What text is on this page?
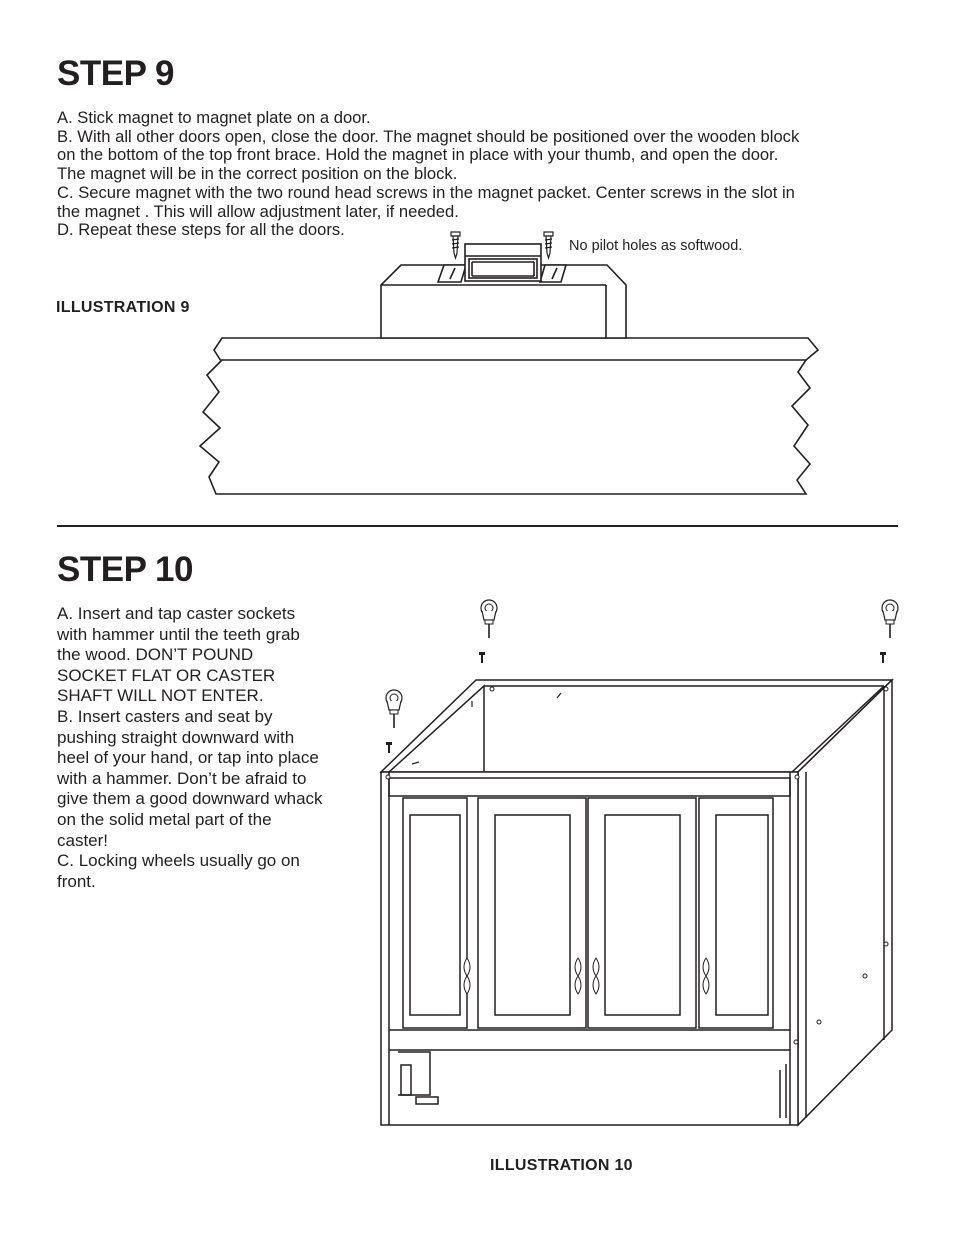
STEP 9
A. Stick magnet to magnet plate on a door.
B. With all other doors open, close the door. The magnet should be positioned over the wooden block
on the bottom of the top front brace. Hold the magnet in place with your thumb, and open the door.
The magnet will be in the correct position on the block.
C. Secure magnet with the two round head screws in the magnet packet. Center screws in the slot in
the magnet . This will allow adjustment later, if needed.
D. Repeat these steps for all the doors.
ILLUSTRATION 9
No pilot holes as softwood.
STEP 10
A. Insert and tap caster sockets
with hammer until the teeth grab
the wood. DON’T POUND
SOCKET FLAT OR CASTER
SHAFT WILL NOT ENTER.
B. Insert casters and seat by
pushing straight downward with
heel of your hand, or tap into place
with a hammer. Don’t be afraid to
give them a good downward whack
on the solid metal part of the
caster!
C. Locking wheels usually go on
front.
ILLUSTRATION 10
